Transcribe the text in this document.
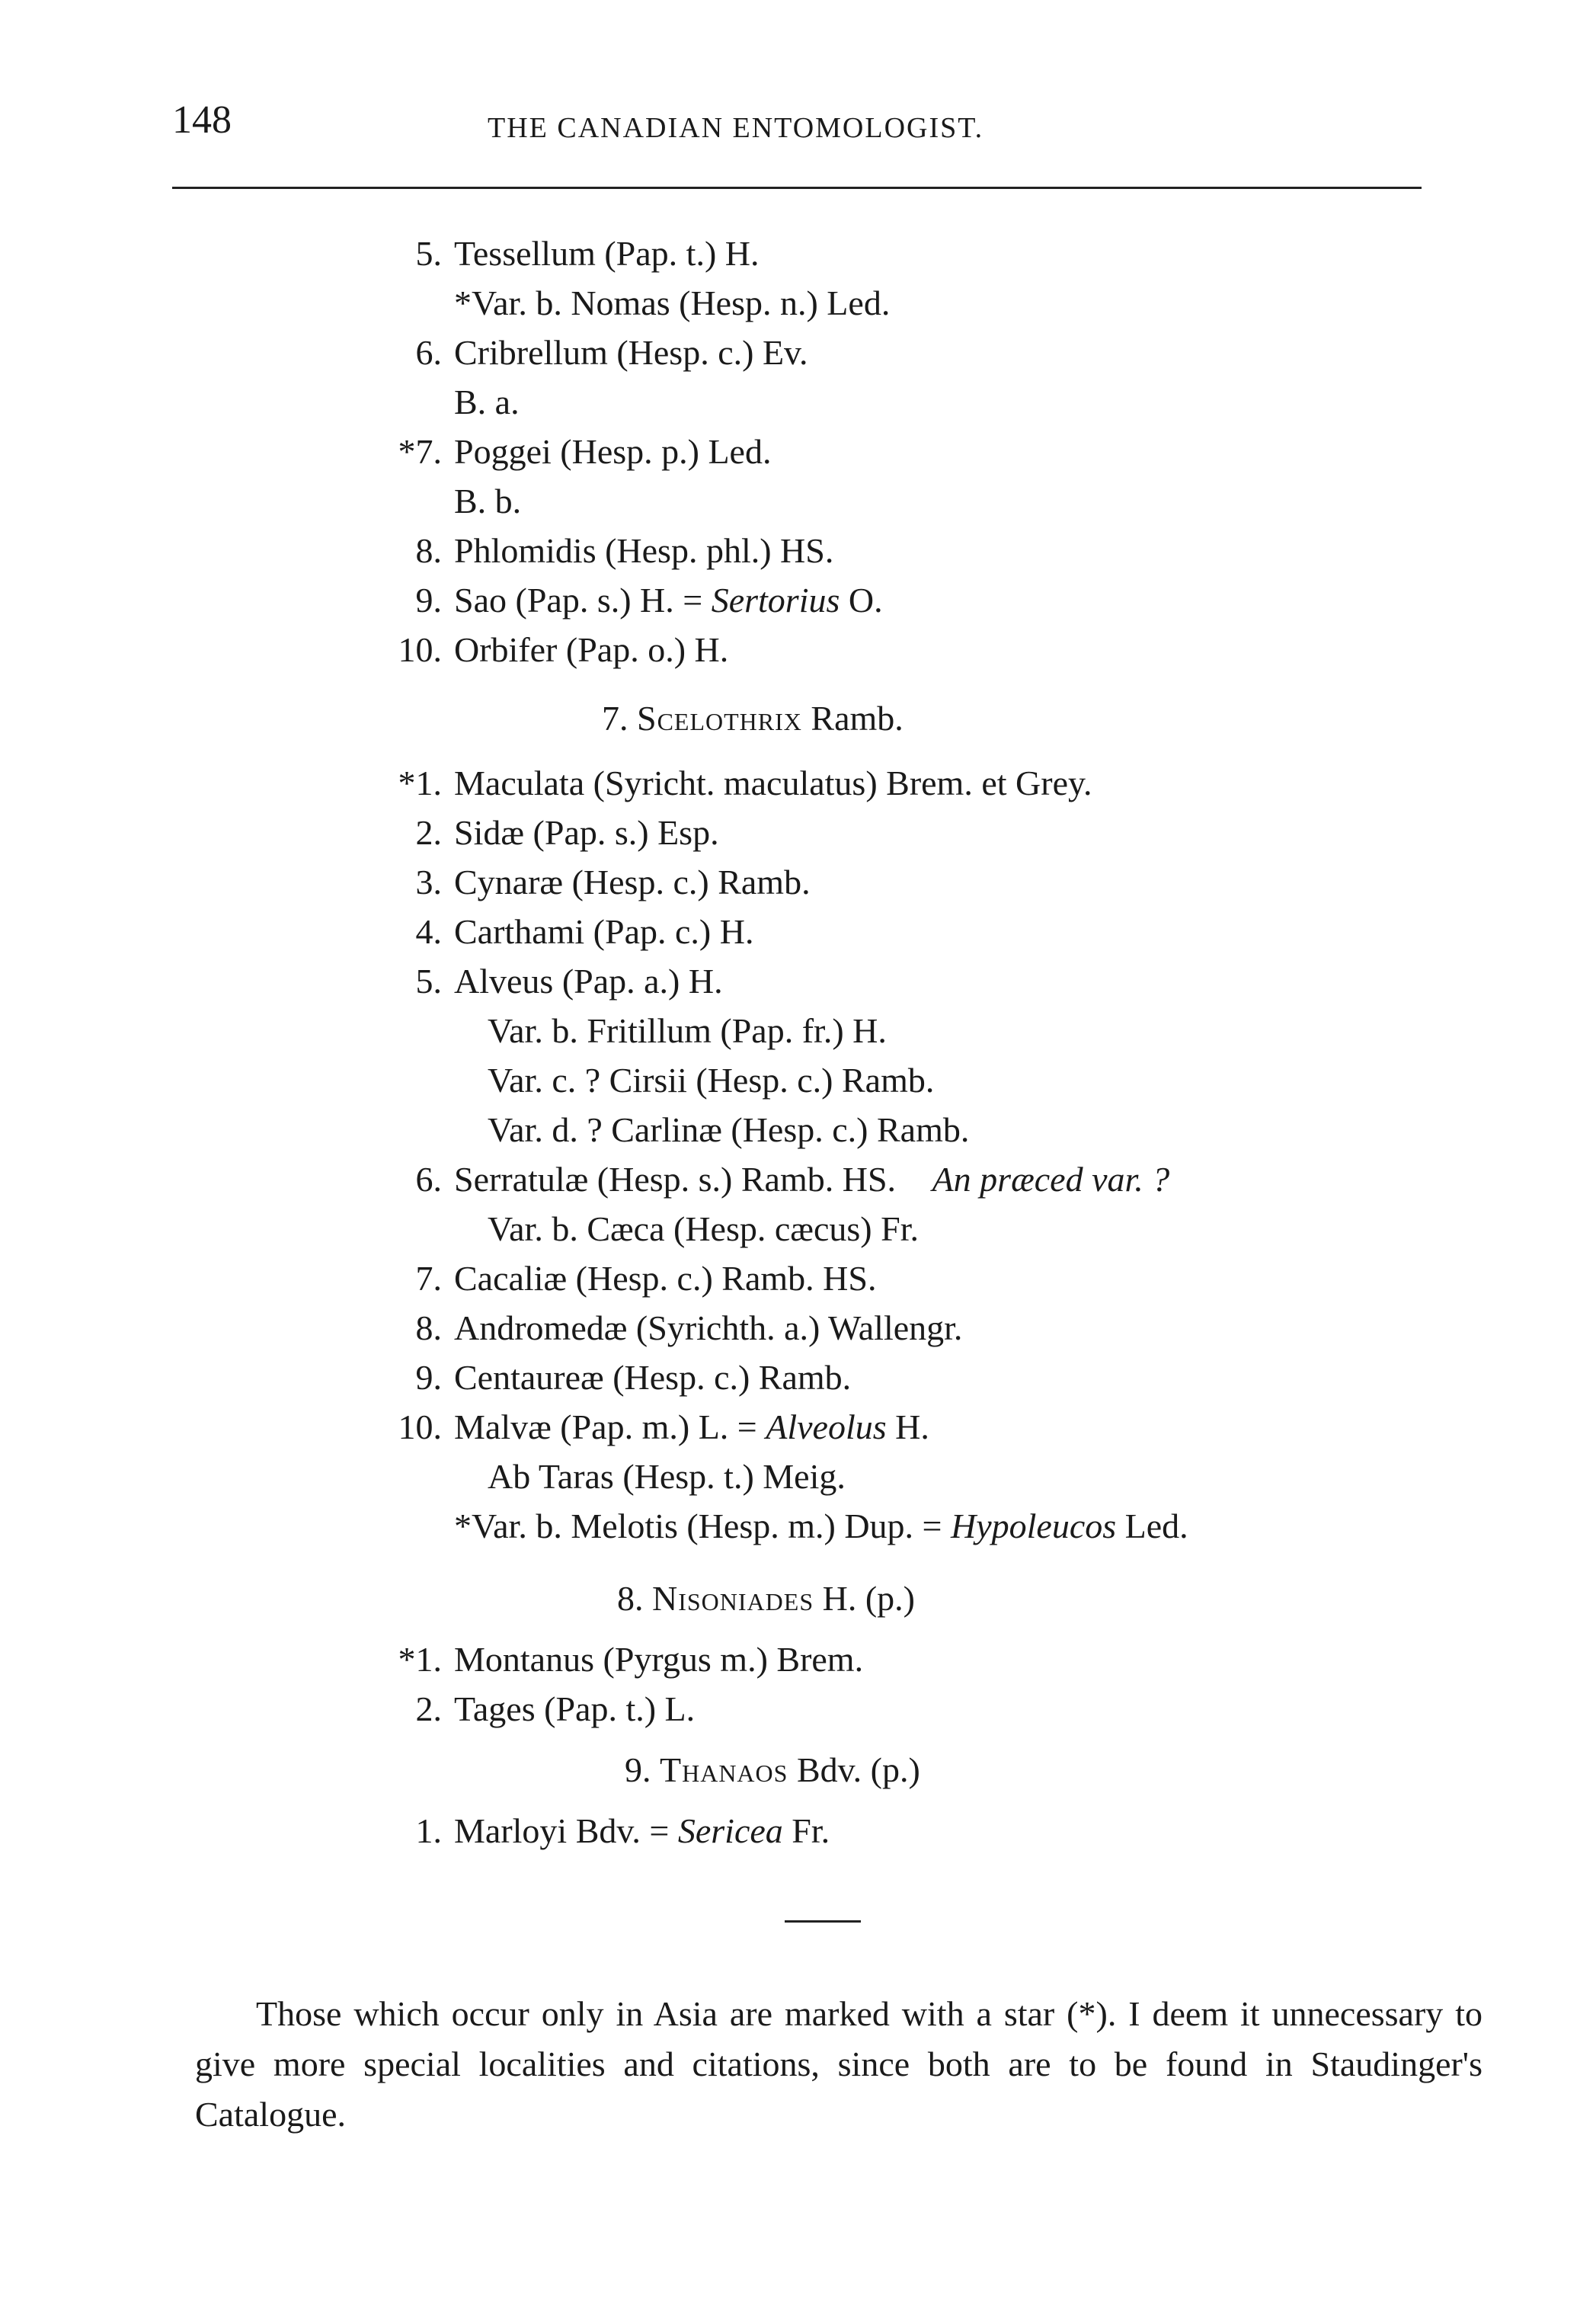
148	THE CANADIAN ENTOMOLOGIST.
5. Tessellum (Pap. t.) H.
*Var. b. Nomas (Hesp. n.) Led.
6. Cribrellum (Hesp. c.) Ev.
B. a.
*7. Poggei (Hesp. p.) Led.
B. b.
8. Phlomidis (Hesp. phl.) HS.
9. Sao (Pap. s.) H. = Sertorius O.
10. Orbifer (Pap. o.) H.
7. Scelothrix Ramb.
*1. Maculata (Syricht. maculatus) Brem. et Grey.
2. Sidæ (Pap. s.) Esp.
3. Cynaræ (Hesp. c.) Ramb.
4. Carthami (Pap. c.) H.
5. Alveus (Pap. a.) H.
Var. b. Fritillum (Pap. fr.) H.
Var. c. ? Cirsii (Hesp. c.) Ramb.
Var. d. ? Carlinæ (Hesp. c.) Ramb.
6. Serratulæ (Hesp. s.) Ramb. HS. An præced var. ?
Var. b. Cæca (Hesp. cæcus) Fr.
7. Cacaliæ (Hesp. c.) Ramb. HS.
8. Andromedæ (Syrichth. a.) Wallengr.
9. Centaureæ (Hesp. c.) Ramb.
10. Malvæ (Pap. m.) L. = Alveolus H.
Ab Taras (Hesp. t.) Meig.
*Var. b. Melotis (Hesp. m.) Dup. = Hypoleucos Led.
8. Nisoniades H. (p.)
*1. Montanus (Pyrgus m.) Brem.
2. Tages (Pap. t.) L.
9. Thanaos Bdv. (p.)
1. Marloyi Bdv. = Sericea Fr.
Those which occur only in Asia are marked with a star (*). I deem it unnecessary to give more special localities and citations, since both are to be found in Staudinger's Catalogue.
